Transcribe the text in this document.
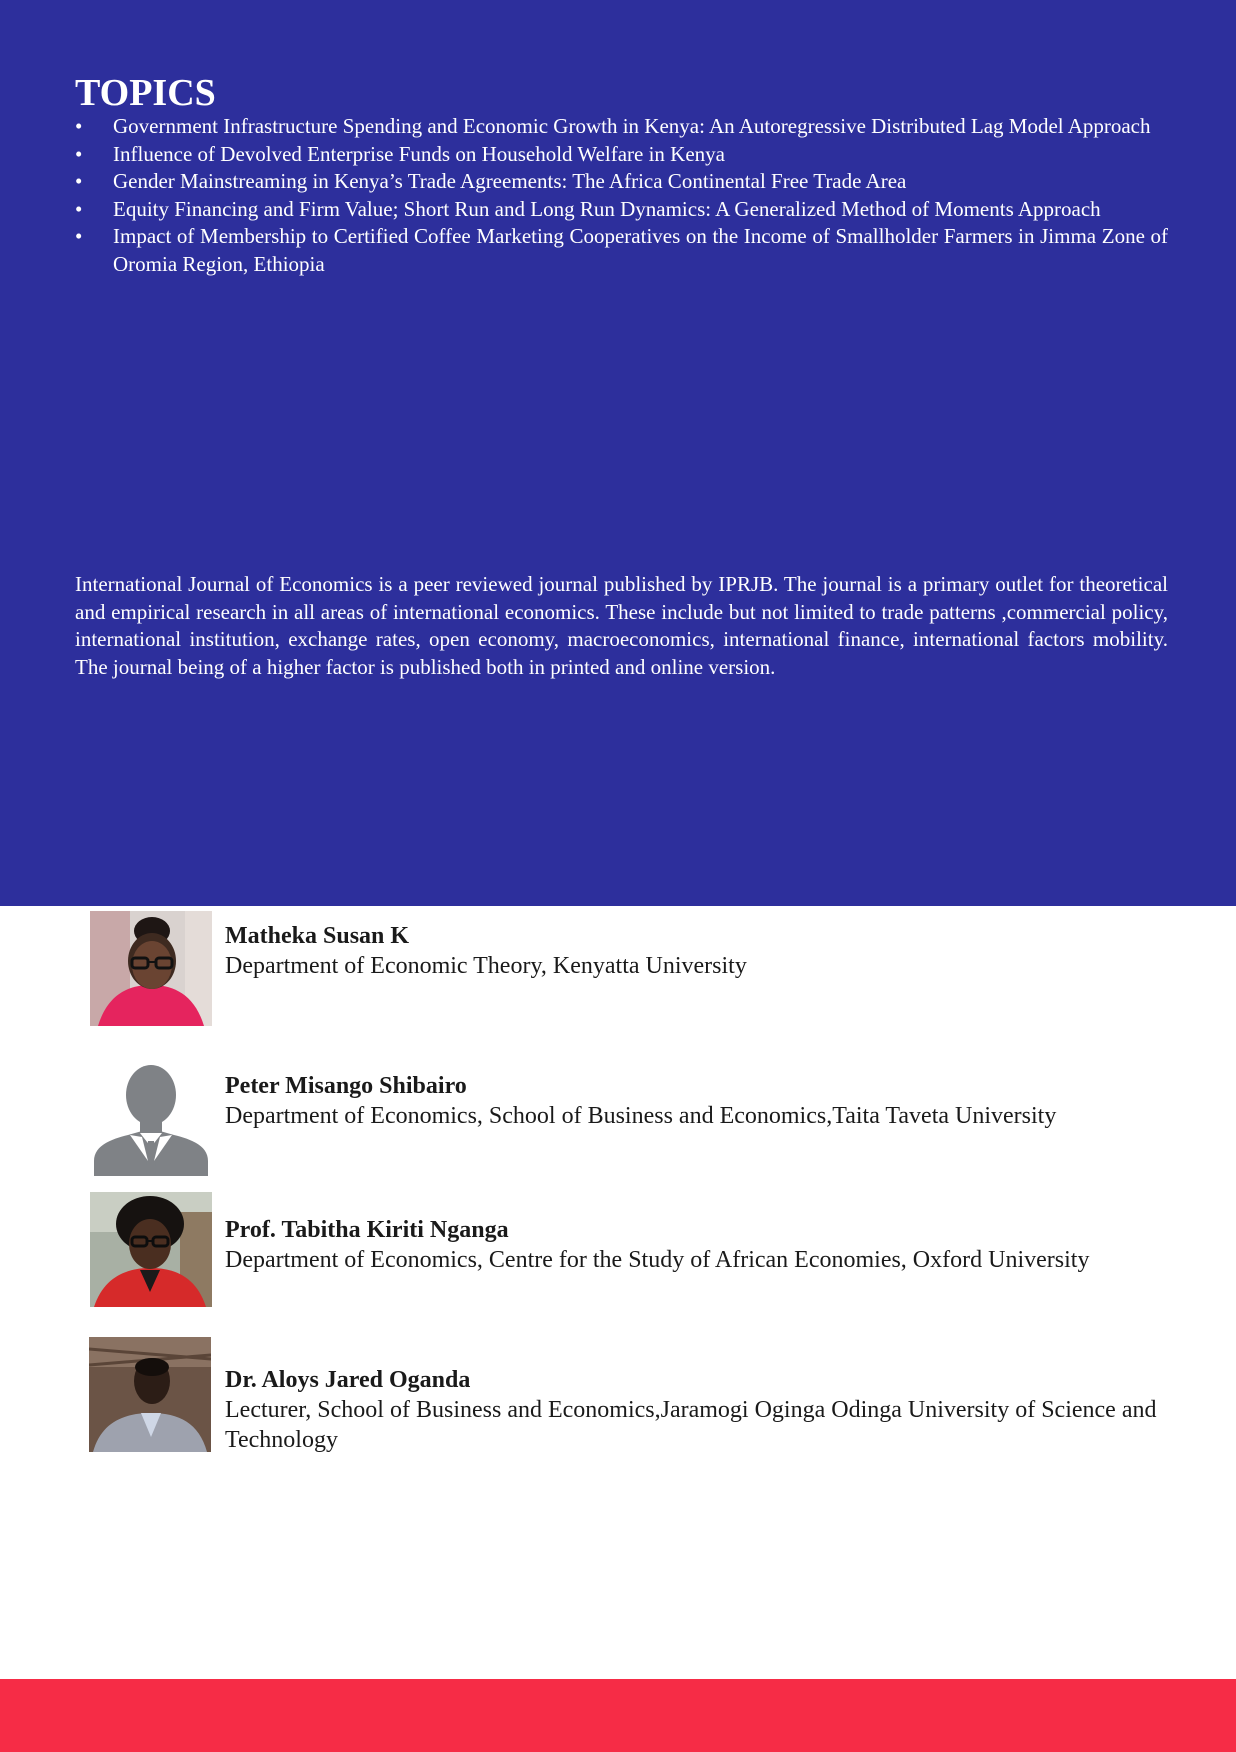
TOPICS
• Government Infrastructure Spending and Economic Growth in Kenya: An Autoregressive Distributed Lag Model Approach
• Influence of Devolved Enterprise Funds on Household Welfare in Kenya
• Gender Mainstreaming in Kenya’s Trade Agreements: The Africa Continental Free Trade Area
• Equity Financing and Firm Value; Short Run and Long Run Dynamics: A Generalized Method of Moments Approach
• Impact of Membership to Certified Coffee Marketing Cooperatives on the Income of Smallholder Farmers in Jimma Zone of Oromia Region, Ethiopia

International Journal of Economics is a peer reviewed journal published by IPRJB. The journal is a primary outlet for theoretical and empirical research in all areas of international economics. These include but not limited to trade patterns ,commercial policy, international institution, exchange rates, open economy, macroeconomics, international finance, international factors mobility. The journal being of a higher factor is published both in printed and online version.

Matheka Susan K
Department of Economic Theory, Kenyatta University
Peter Misango Shibairo
Department of Economics, School of Business and Economics,Taita Taveta University
Prof. Tabitha Kiriti Nganga
Department of Economics, Centre for the Study of African Economies, Oxford University
Dr. Aloys Jared Oganda
Lecturer, School of Business and Economics,Jaramogi Oginga Odinga University of Science and Technology
